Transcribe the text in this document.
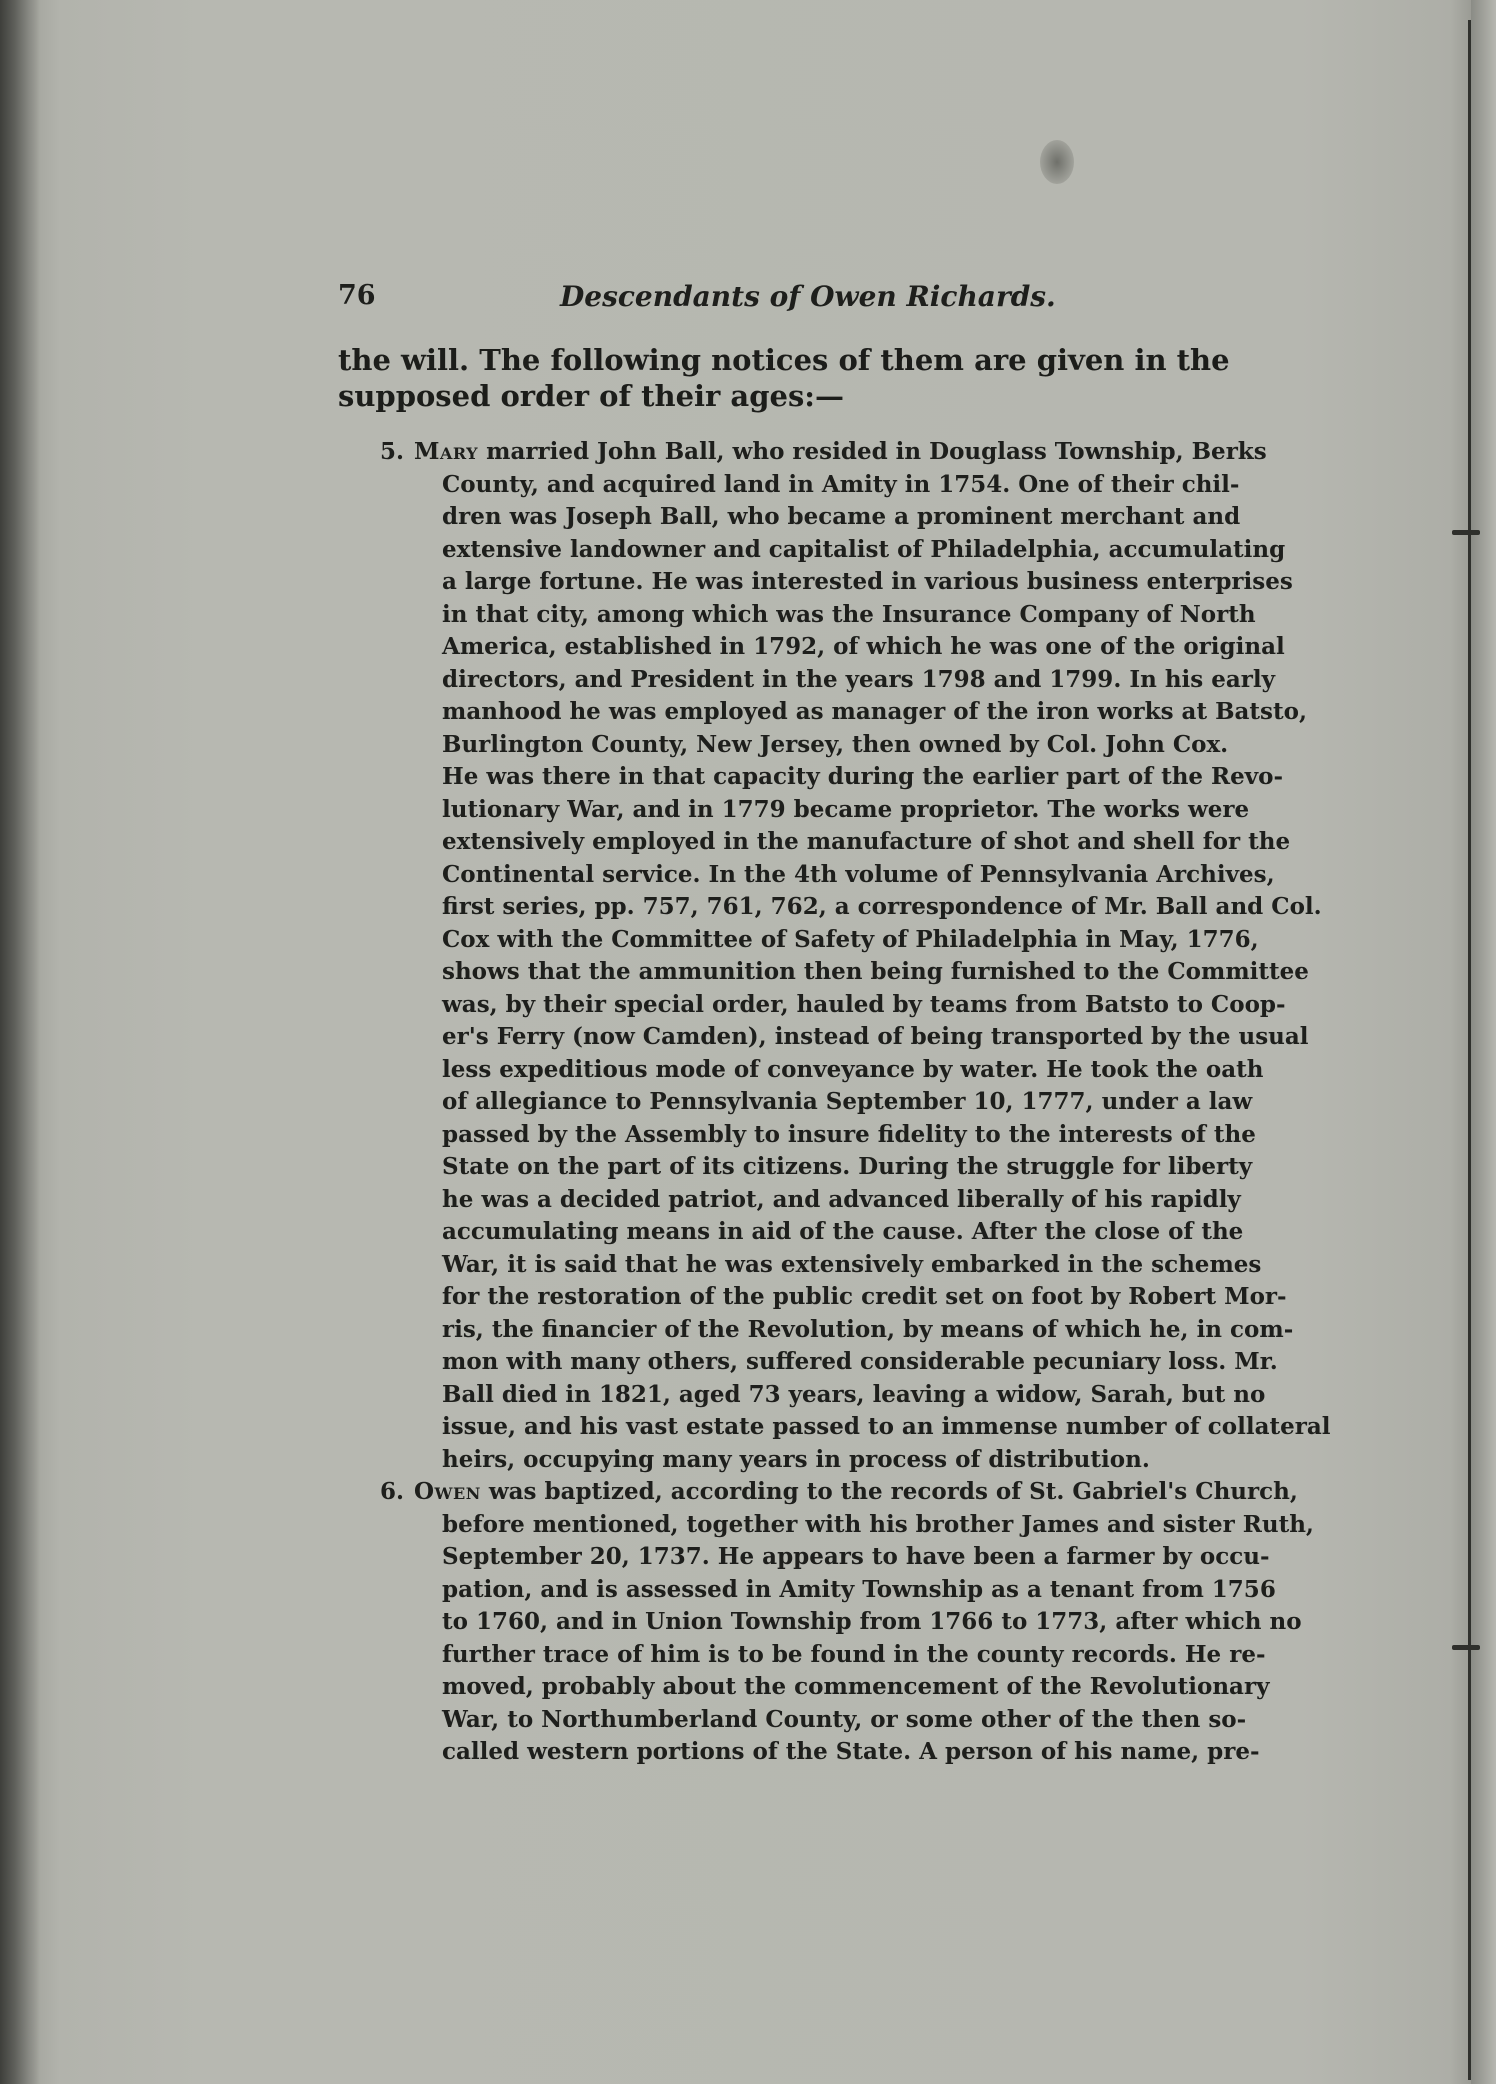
76	Descendants of Owen Richards.
the will. The following notices of them are given in the
supposed order of their ages:—
5. Mary married John Ball, who resided in Douglass Township, Berks
County, and acquired land in Amity in 1754. One of their chil-
dren was Joseph Ball, who became a prominent merchant and
extensive landowner and capitalist of Philadelphia, accumulating
a large fortune. He was interested in various business enterprises
in that city, among which was the Insurance Company of North
America, established in 1792, of which he was one of the original
directors, and President in the years 1798 and 1799. In his early
manhood he was employed as manager of the iron works at Batsto,
Burlington County, New Jersey, then owned by Col. John Cox.
He was there in that capacity during the earlier part of the Revo-
lutionary War, and in 1779 became proprietor. The works were
extensively employed in the manufacture of shot and shell for the
Continental service. In the 4th volume of Pennsylvania Archives,
first series, pp. 757, 761, 762, a correspondence of Mr. Ball and Col.
Cox with the Committee of Safety of Philadelphia in May, 1776,
shows that the ammunition then being furnished to the Committee
was, by their special order, hauled by teams from Batsto to Coop-
er's Ferry (now Camden), instead of being transported by the usual
less expeditious mode of conveyance by water. He took the oath
of allegiance to Pennsylvania September 10, 1777, under a law
passed by the Assembly to insure fidelity to the interests of the
State on the part of its citizens. During the struggle for liberty
he was a decided patriot, and advanced liberally of his rapidly
accumulating means in aid of the cause. After the close of the
War, it is said that he was extensively embarked in the schemes
for the restoration of the public credit set on foot by Robert Mor-
ris, the financier of the Revolution, by means of which he, in com-
mon with many others, suffered considerable pecuniary loss. Mr.
Ball died in 1821, aged 73 years, leaving a widow, Sarah, but no
issue, and his vast estate passed to an immense number of collateral
heirs, occupying many years in process of distribution.
6. Owen was baptized, according to the records of St. Gabriel's Church,
before mentioned, together with his brother James and sister Ruth,
September 20, 1737. He appears to have been a farmer by occu-
pation, and is assessed in Amity Township as a tenant from 1756
to 1760, and in Union Township from 1766 to 1773, after which no
further trace of him is to be found in the county records. He re-
moved, probably about the commencement of the Revolutionary
War, to Northumberland County, or some other of the then so-
called western portions of the State. A person of his name, pre-
